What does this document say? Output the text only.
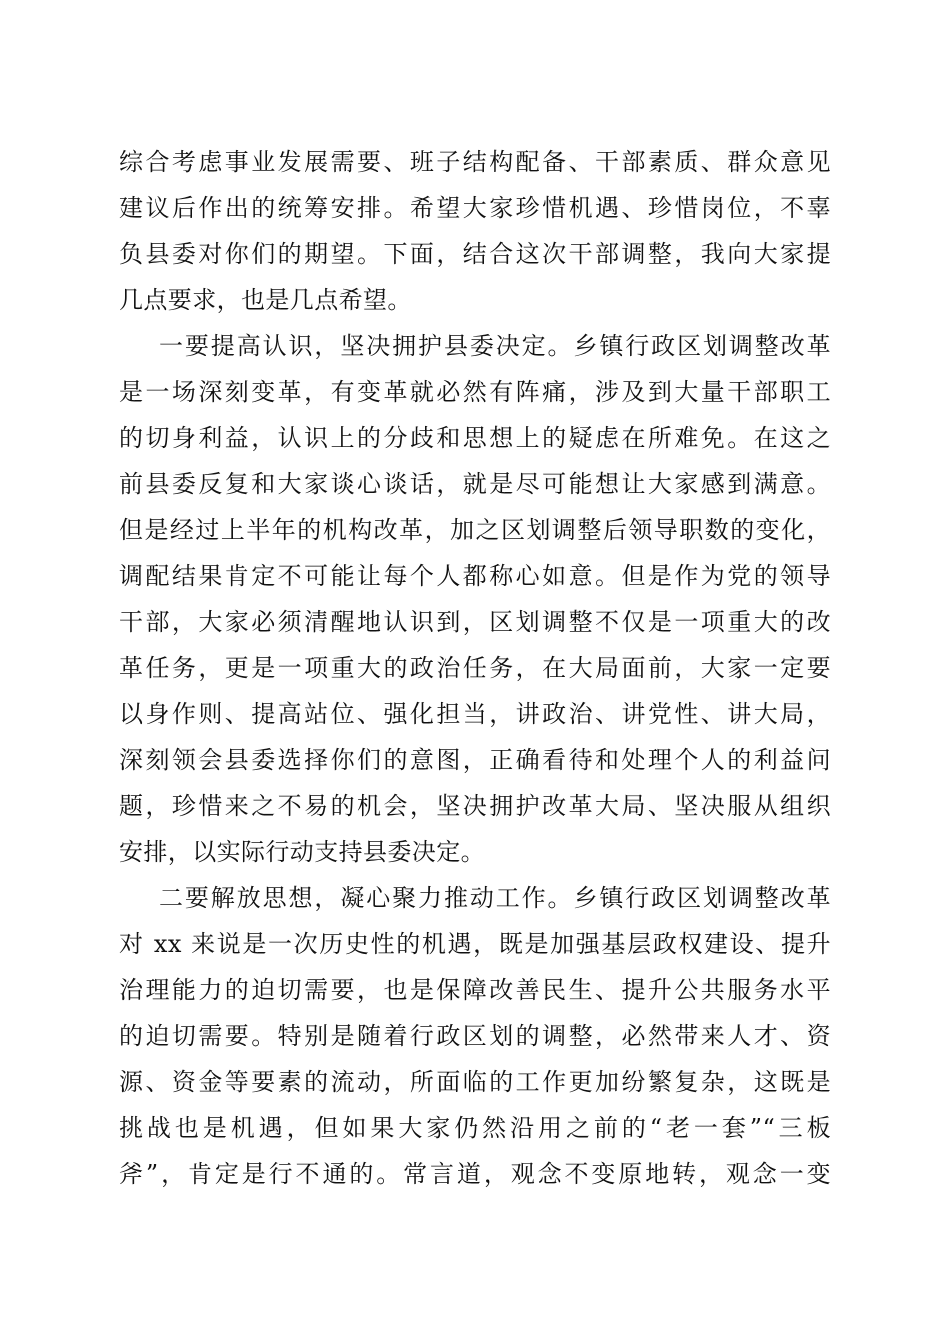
综合考虑事业发展需要、班子结构配备、干部素质、群众意见
建议后作出的统筹安排。希望大家珍惜机遇、珍惜岗位，不辜
负县委对你们的期望。下面，结合这次干部调整，我向大家提
几点要求，也是几点希望。
一要提高认识，坚决拥护县委决定。乡镇行政区划调整改革
是一场深刻变革，有变革就必然有阵痛，涉及到大量干部职工
的切身利益，认识上的分歧和思想上的疑虑在所难免。在这之
前县委反复和大家谈心谈话，就是尽可能想让大家感到满意。
但是经过上半年的机构改革，加之区划调整后领导职数的变化，
调配结果肯定不可能让每个人都称心如意。但是作为党的领导
干部，大家必须清醒地认识到，区划调整不仅是一项重大的改
革任务，更是一项重大的政治任务，在大局面前，大家一定要
以身作则、提高站位、强化担当，讲政治、讲党性、讲大局，
深刻领会县委选择你们的意图，正确看待和处理个人的利益问
题，珍惜来之不易的机会，坚决拥护改革大局、坚决服从组织
安排，以实际行动支持县委决定。
二要解放思想，凝心聚力推动工作。乡镇行政区划调整改革
对 xx 来说是一次历史性的机遇，既是加强基层政权建设、提升
治理能力的迫切需要，也是保障改善民生、提升公共服务水平
的迫切需要。特别是随着行政区划的调整，必然带来人才、资
源、资金等要素的流动，所面临的工作更加纷繁复杂，这既是
挑战也是机遇，但如果大家仍然沿用之前的“老一套”“三板
斧”，肯定是行不通的。常言道，观念不变原地转，观念一变
